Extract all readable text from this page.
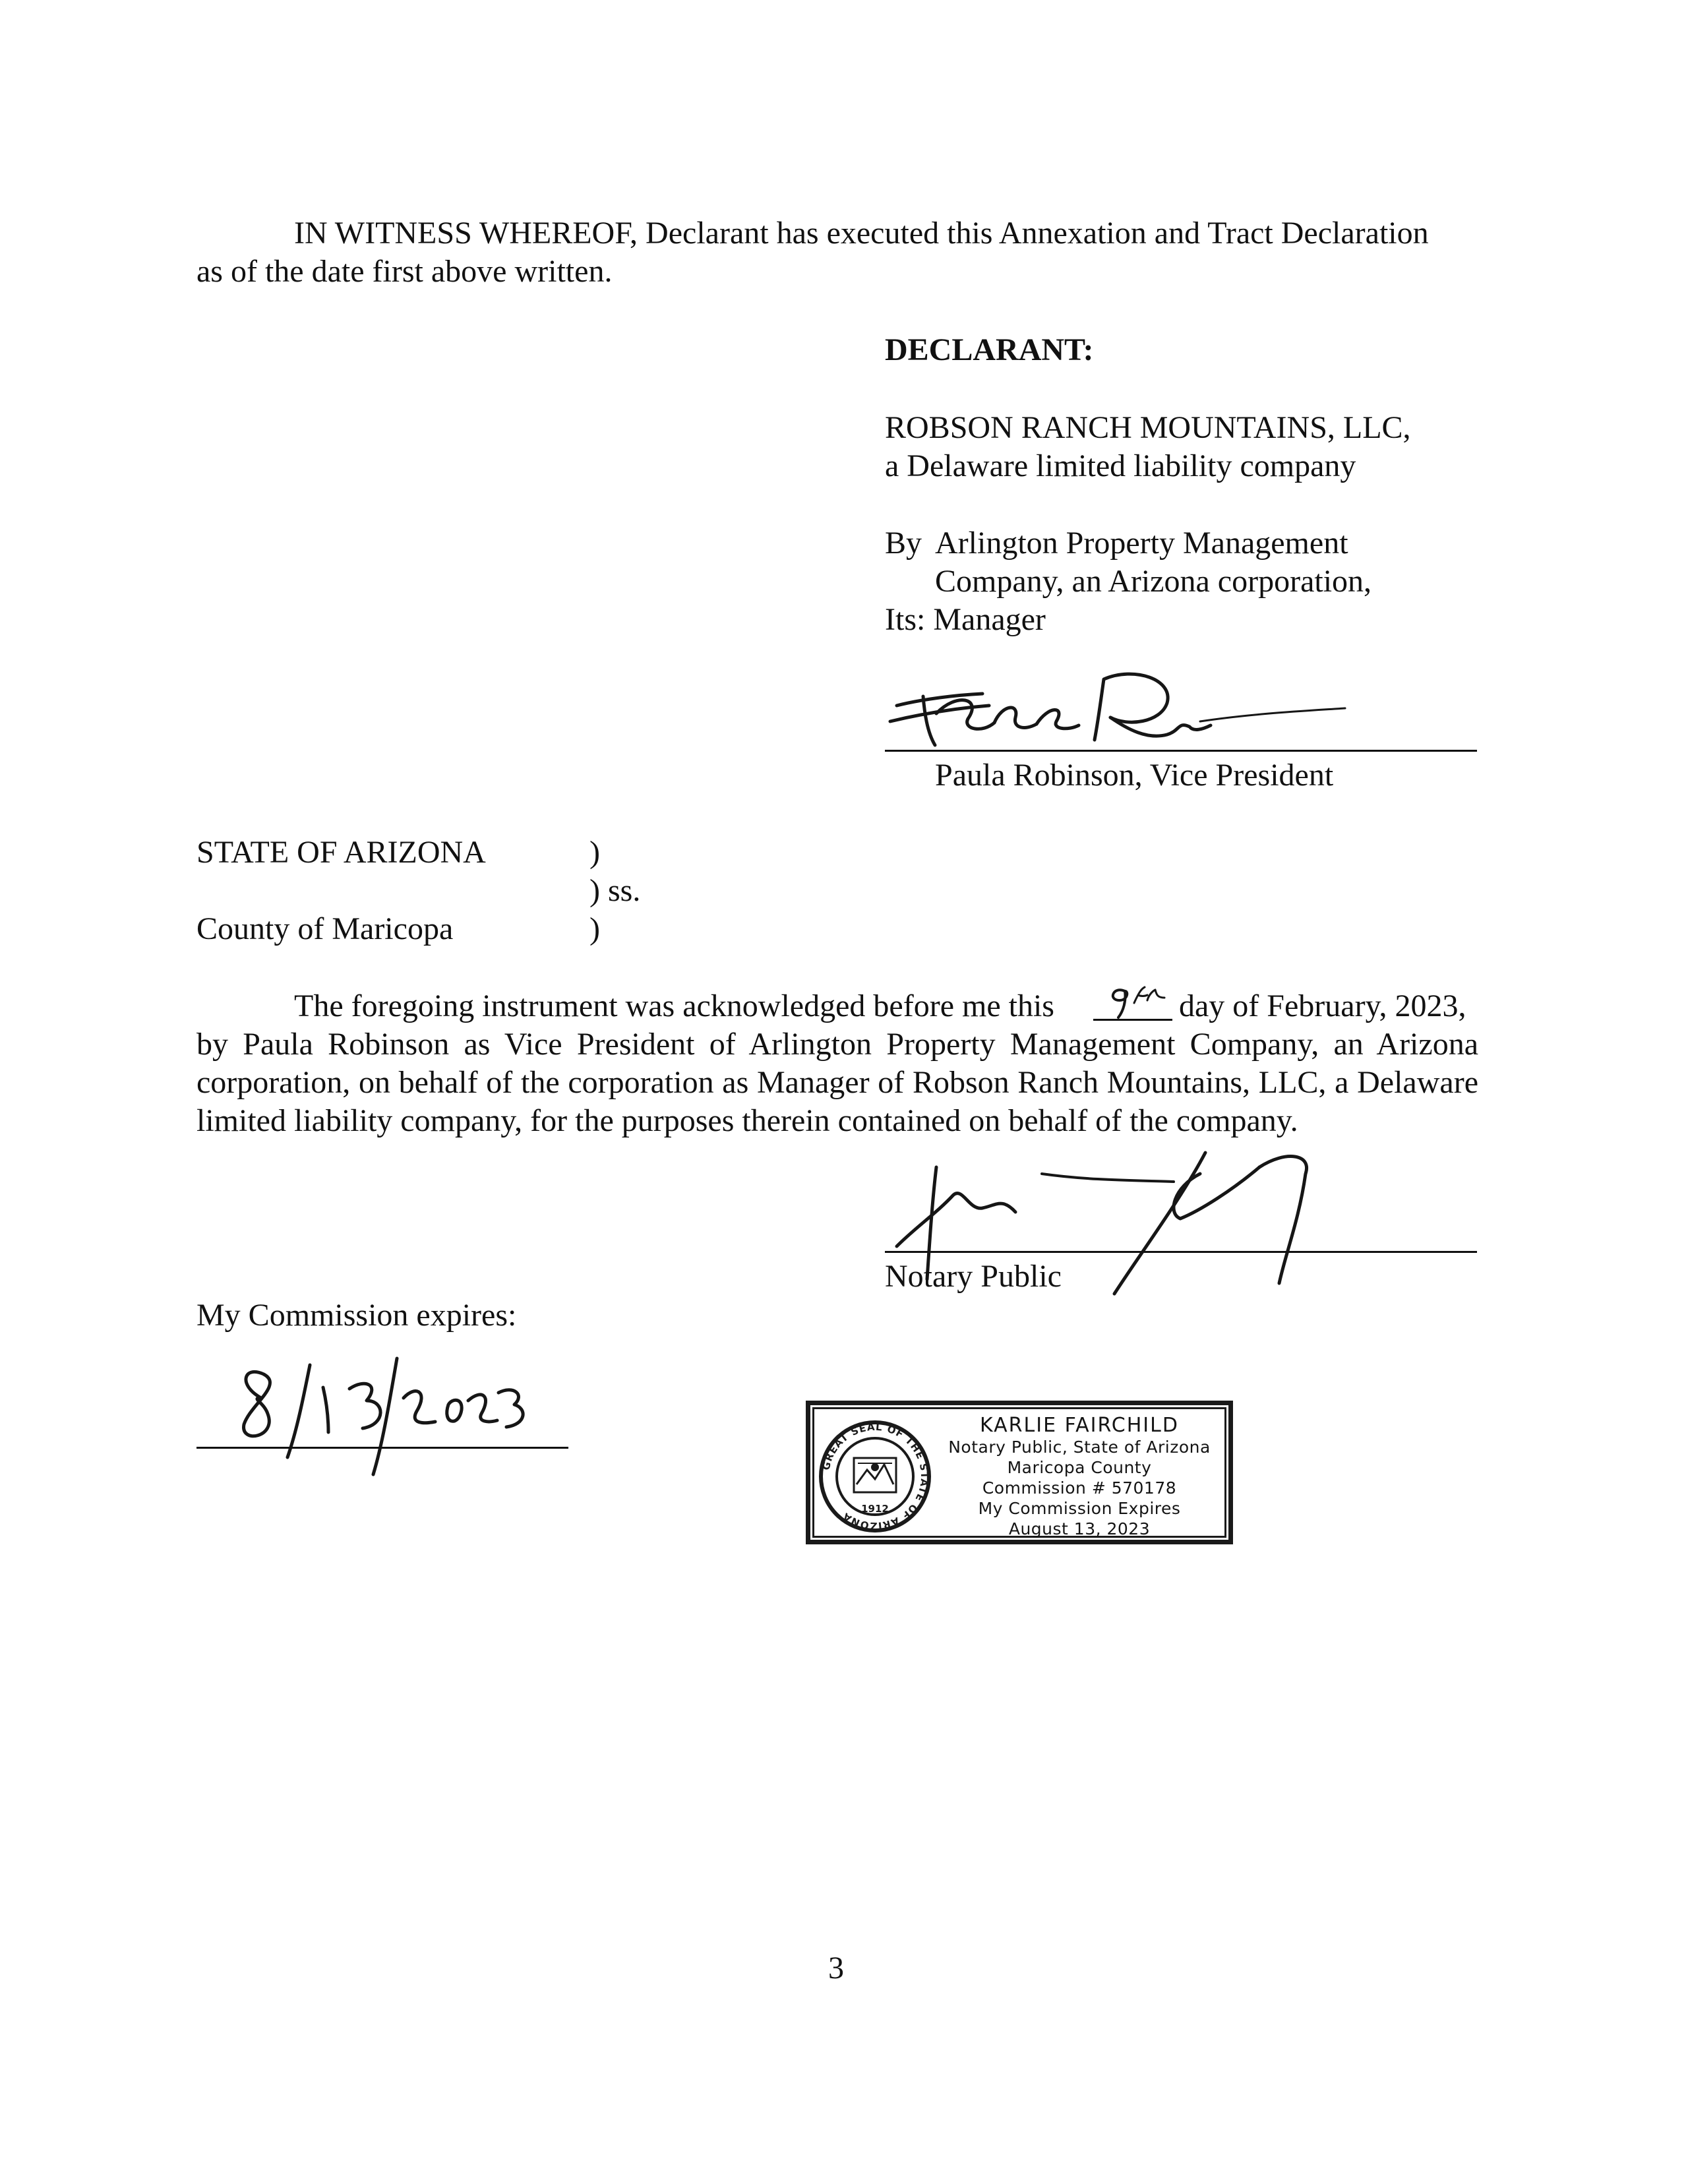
IN WITNESS WHEREOF, Declarant has executed this Annexation and Tract Declaration
as of the date first above written.
DECLARANT:
ROBSON RANCH MOUNTAINS, LLC,
a Delaware limited liability company
By Arlington Property Management
Company, an Arizona corporation,
Its: Manager
Paula Robinson, Vice President
STATE OF ARIZONA	)
) ss.
County of Maricopa	)
The foregoing instrument was acknowledged before me this	day of February, 2023,
by Paula Robinson as Vice President of Arlington Property Management Company, an Arizona corporation, on behalf of the corporation as Manager of Robson Ranch Mountains, LLC, a Delaware limited liability company, for the purposes therein contained on behalf of the company.
Notary Public
My Commission expires:
GREAT SEAL OF THE STATE OF ARIZONA
1912
KARLIE FAIRCHILD
Notary Public, State of Arizona
Maricopa County
Commission # 570178
My Commission Expires
August 13, 2023
3
